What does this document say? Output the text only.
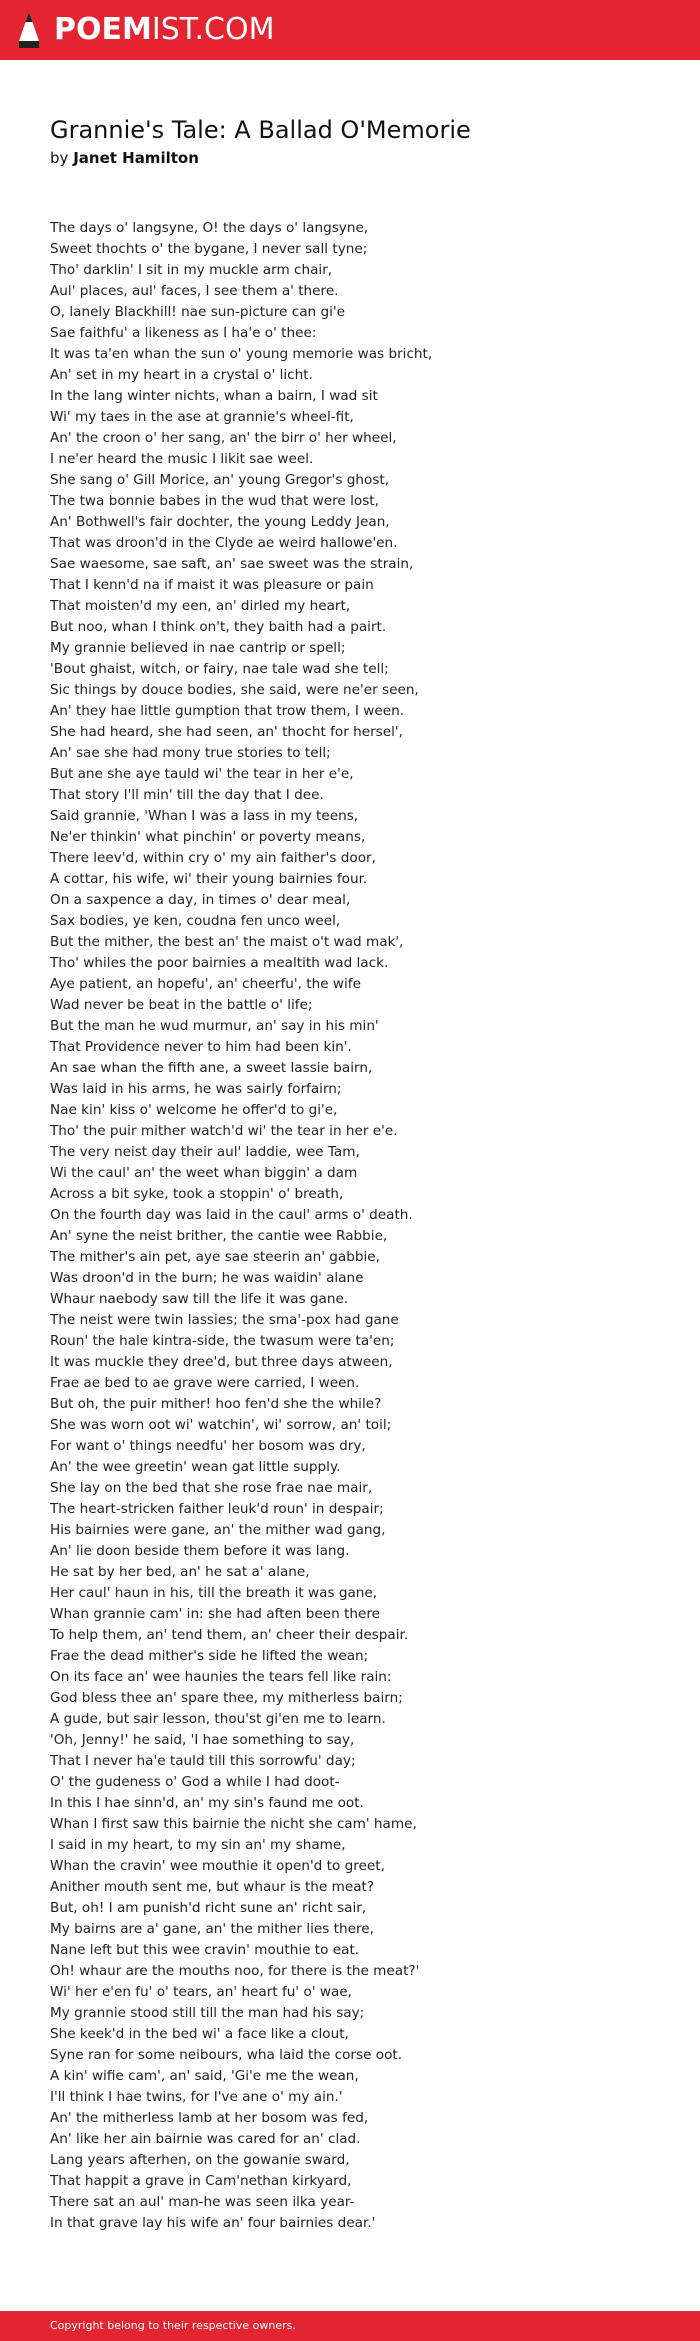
POEMIST.COM
Grannie's Tale: A Ballad O'Memorie
by Janet Hamilton
The days o' langsyne, O! the days o' langsyne,
Sweet thochts o' the bygane, I never sall tyne;
Tho' darklin' I sit in my muckle arm chair,
Aul' places, aul' faces, I see them a' there.
O, lanely Blackhill! nae sun-picture can gi'e
Sae faithfu' a likeness as I ha'e o' thee:
It was ta'en whan the sun o' young memorie was bricht,
An' set in my heart in a crystal o' licht.
In the lang winter nichts, whan a bairn, I wad sit
Wi' my taes in the ase at grannie's wheel-fit,
An' the croon o' her sang, an' the birr o' her wheel,
I ne'er heard the music I likit sae weel.
She sang o' Gill Morice, an' young Gregor's ghost,
The twa bonnie babes in the wud that were lost,
An' Bothwell's fair dochter, the young Leddy Jean,
That was droon'd in the Clyde ae weird hallowe'en.
Sae waesome, sae saft, an' sae sweet was the strain,
That I kenn'd na if maist it was pleasure or pain
That moisten'd my een, an' dirled my heart,
But noo, whan I think on't, they baith had a pairt.
My grannie believed in nae cantrip or spell;
'Bout ghaist, witch, or fairy, nae tale wad she tell;
Sic things by douce bodies, she said, were ne'er seen,
An' they hae little gumption that trow them, I ween.
She had heard, she had seen, an' thocht for hersel',
An' sae she had mony true stories to tell;
But ane she aye tauld wi' the tear in her e'e,
That story I'll min' till the day that I dee.
Said grannie, 'Whan I was a lass in my teens,
Ne'er thinkin' what pinchin' or poverty means,
There leev'd, within cry o' my ain faither's door,
A cottar, his wife, wi' their young bairnies four.
On a saxpence a day, in times o' dear meal,
Sax bodies, ye ken, coudna fen unco weel,
But the mither, the best an' the maist o't wad mak',
Tho' whiles the poor bairnies a mealtith wad lack.
Aye patient, an hopefu', an' cheerfu', the wife
Wad never be beat in the battle o' life;
But the man he wud murmur, an' say in his min'
That Providence never to him had been kin'.
An sae whan the fifth ane, a sweet lassie bairn,
Was laid in his arms, he was sairly forfairn;
Nae kin' kiss o' welcome he offer'd to gi'e,
Tho' the puir mither watch'd wi' the tear in her e'e.
The very neist day their aul' laddie, wee Tam,
Wi the caul' an' the weet whan biggin' a dam
Across a bit syke, took a stoppin' o' breath,
On the fourth day was laid in the caul' arms o' death.
An' syne the neist brither, the cantie wee Rabbie,
The mither's ain pet, aye sae steerin an' gabbie,
Was droon'd in the burn; he was waidin' alane
Whaur naebody saw till the life it was gane.
The neist were twin lassies; the sma'-pox had gane
Roun' the hale kintra-side, the twasum were ta'en;
It was muckle they dree'd, but three days atween,
Frae ae bed to ae grave were carried, I ween.
But oh, the puir mither! hoo fen'd she the while?
She was worn oot wi' watchin', wi' sorrow, an' toil;
For want o' things needfu' her bosom was dry,
An' the wee greetin' wean gat little supply.
She lay on the bed that she rose frae nae mair,
The heart-stricken faither leuk'd roun' in despair;
His bairnies were gane, an' the mither wad gang,
An' lie doon beside them before it was lang.
He sat by her bed, an' he sat a' alane,
Her caul' haun in his, till the breath it was gane,
Whan grannie cam' in: she had aften been there
To help them, an' tend them, an' cheer their despair.
Frae the dead mither's side he lifted the wean;
On its face an' wee haunies the tears fell like rain:
God bless thee an' spare thee, my mitherless bairn;
A gude, but sair lesson, thou'st gi'en me to learn.
'Oh, Jenny!' he said, 'I hae something to say,
That I never ha'e tauld till this sorrowfu' day;
O' the gudeness o' God a while I had doot-
In this I hae sinn'd, an' my sin's faund me oot.
Whan I first saw this bairnie the nicht she cam' hame,
I said in my heart, to my sin an' my shame,
Whan the cravin' wee mouthie it open'd to greet,
Anither mouth sent me, but whaur is the meat?
But, oh! I am punish'd richt sune an' richt sair,
My bairns are a' gane, an' the mither lies there,
Nane left but this wee cravin' mouthie to eat.
Oh! whaur are the mouths noo, for there is the meat?'
Wi' her e'en fu' o' tears, an' heart fu' o' wae,
My grannie stood still till the man had his say;
She keek'd in the bed wi' a face like a clout,
Syne ran for some neibours, wha laid the corse oot.
A kin' wifie cam', an' said, 'Gi'e me the wean,
I'll think I hae twins, for I've ane o' my ain.'
An' the mitherless lamb at her bosom was fed,
An' like her ain bairnie was cared for an' clad.
Lang years afterhen, on the gowanie sward,
That happit a grave in Cam'nethan kirkyard,
There sat an aul' man-he was seen ilka year-
In that grave lay his wife an' four bairnies dear.'
Copyright belong to their respective owners.
